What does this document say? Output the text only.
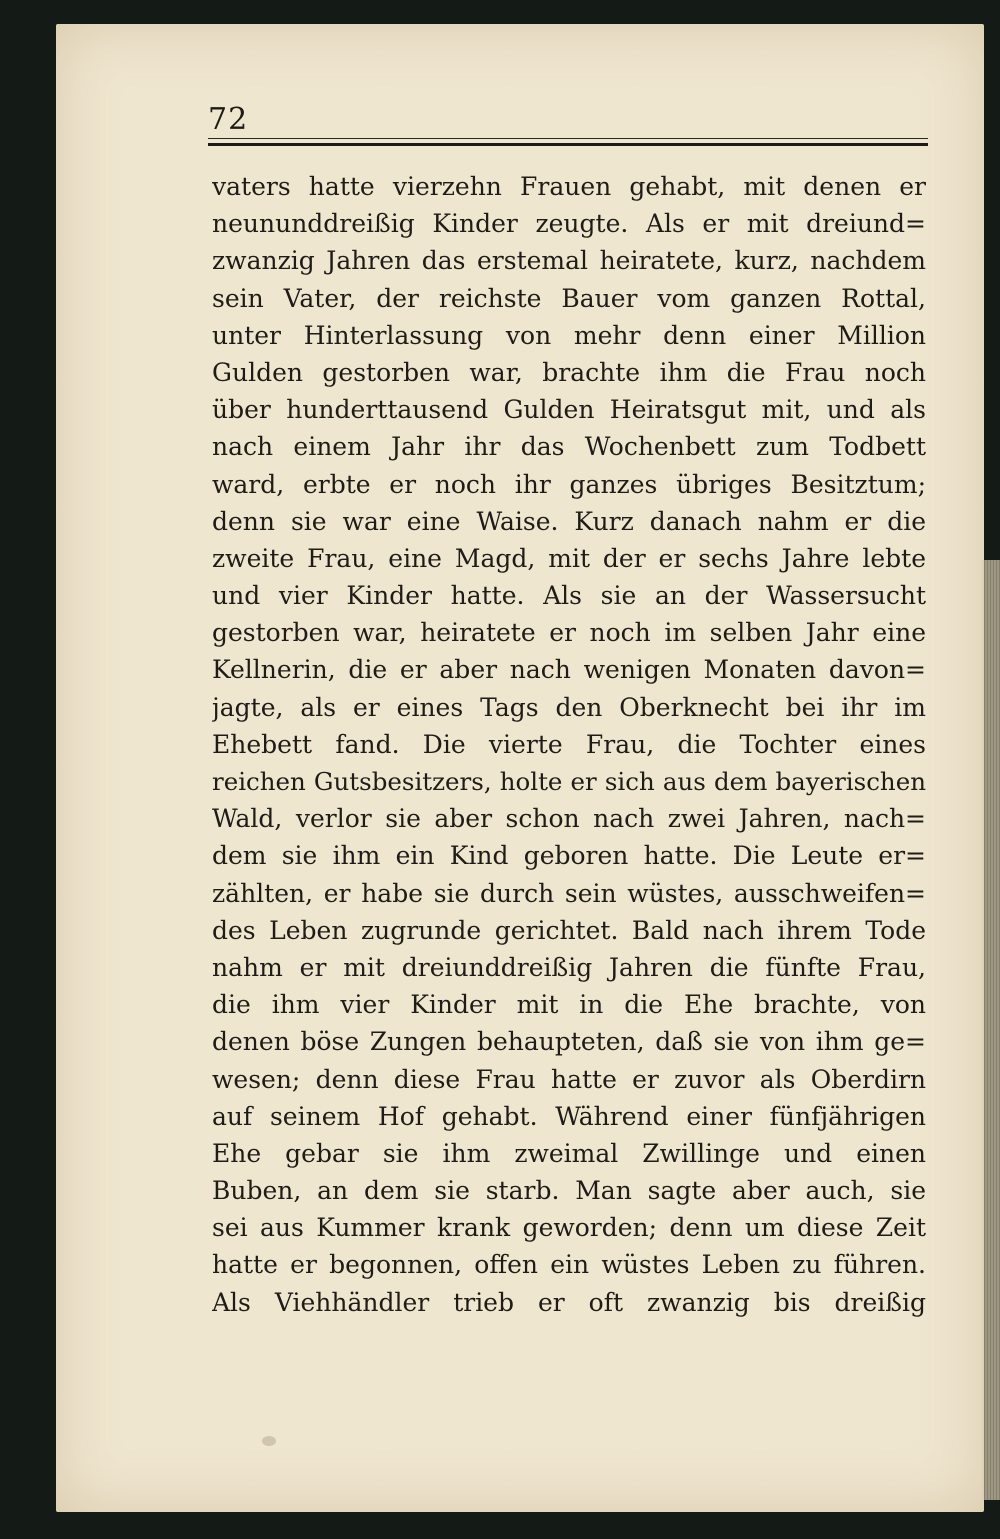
72
vaters hatte vierzehn Frauen gehabt, mit denen er
neununddreißig Kinder zeugte. Als er mit dreiund=
zwanzig Jahren das erstemal heiratete, kurz, nachdem
sein Vater, der reichste Bauer vom ganzen Rottal,
unter Hinterlassung von mehr denn einer Million
Gulden gestorben war, brachte ihm die Frau noch
über hunderttausend Gulden Heiratsgut mit, und als
nach einem Jahr ihr das Wochenbett zum Todbett
ward, erbte er noch ihr ganzes übriges Besitztum;
denn sie war eine Waise. Kurz danach nahm er die
zweite Frau, eine Magd, mit der er sechs Jahre lebte
und vier Kinder hatte. Als sie an der Wassersucht
gestorben war, heiratete er noch im selben Jahr eine
Kellnerin, die er aber nach wenigen Monaten davon=
jagte, als er eines Tags den Oberknecht bei ihr im
Ehebett fand. Die vierte Frau, die Tochter eines
reichen Gutsbesitzers, holte er sich aus dem bayerischen
Wald, verlor sie aber schon nach zwei Jahren, nach=
dem sie ihm ein Kind geboren hatte. Die Leute er=
zählten, er habe sie durch sein wüstes, ausschweifen=
des Leben zugrunde gerichtet. Bald nach ihrem Tode
nahm er mit dreiunddreißig Jahren die fünfte Frau,
die ihm vier Kinder mit in die Ehe brachte, von
denen böse Zungen behaupteten, daß sie von ihm ge=
wesen; denn diese Frau hatte er zuvor als Oberdirn
auf seinem Hof gehabt. Während einer fünfjährigen
Ehe gebar sie ihm zweimal Zwillinge und einen
Buben, an dem sie starb. Man sagte aber auch, sie
sei aus Kummer krank geworden; denn um diese Zeit
hatte er begonnen, offen ein wüstes Leben zu führen.
Als Viehhändler trieb er oft zwanzig bis dreißig
